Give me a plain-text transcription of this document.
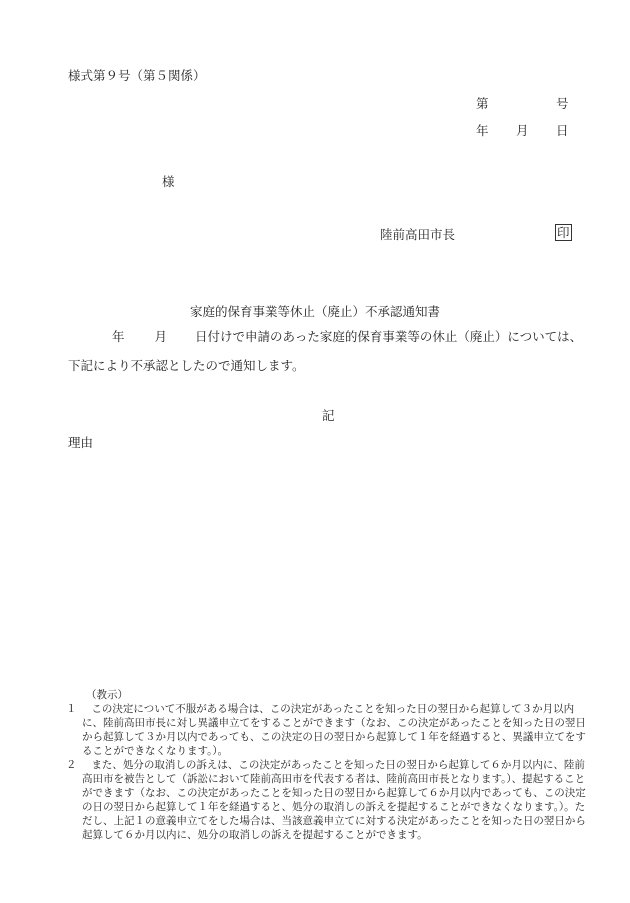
様式第９号（第５関係）
第	号
年 月 日
様
陸前高田市長	印
家庭的保育事業等休止（廃止）不承認通知書
年 月 日付けで申請のあった家庭的保育事業等の休止（廃止）については、下記により不承認としたので通知します。
記
理由
（教示）
１	この決定について不服がある場合は、この決定があったことを知った日の翌日から起算して３か月以内に、陸前高田市長に対し異議申立てをすることができます（なお、この決定があったことを知った日の翌日から起算して３か月以内であっても、この決定の日の翌日から起算して１年を経過すると、異議申立てをすることができなくなります。）。
２	また、処分の取消しの訴えは、この決定があったことを知った日の翌日から起算して６か月以内に、陸前高田市を被告として（訴訟において陸前高田市を代表する者は、陸前高田市長となります。）、提起することができます（なお、この決定があったことを知った日の翌日から起算して６か月以内であっても、この決定の日の翌日から起算して１年を経過すると、処分の取消しの訴えを提起することができなくなります。）。ただし、上記１の意義申立てをした場合は、当該意義申立てに対する決定があったことを知った日の翌日から起算して６か月以内に、処分の取消しの訴えを提起することができます。
